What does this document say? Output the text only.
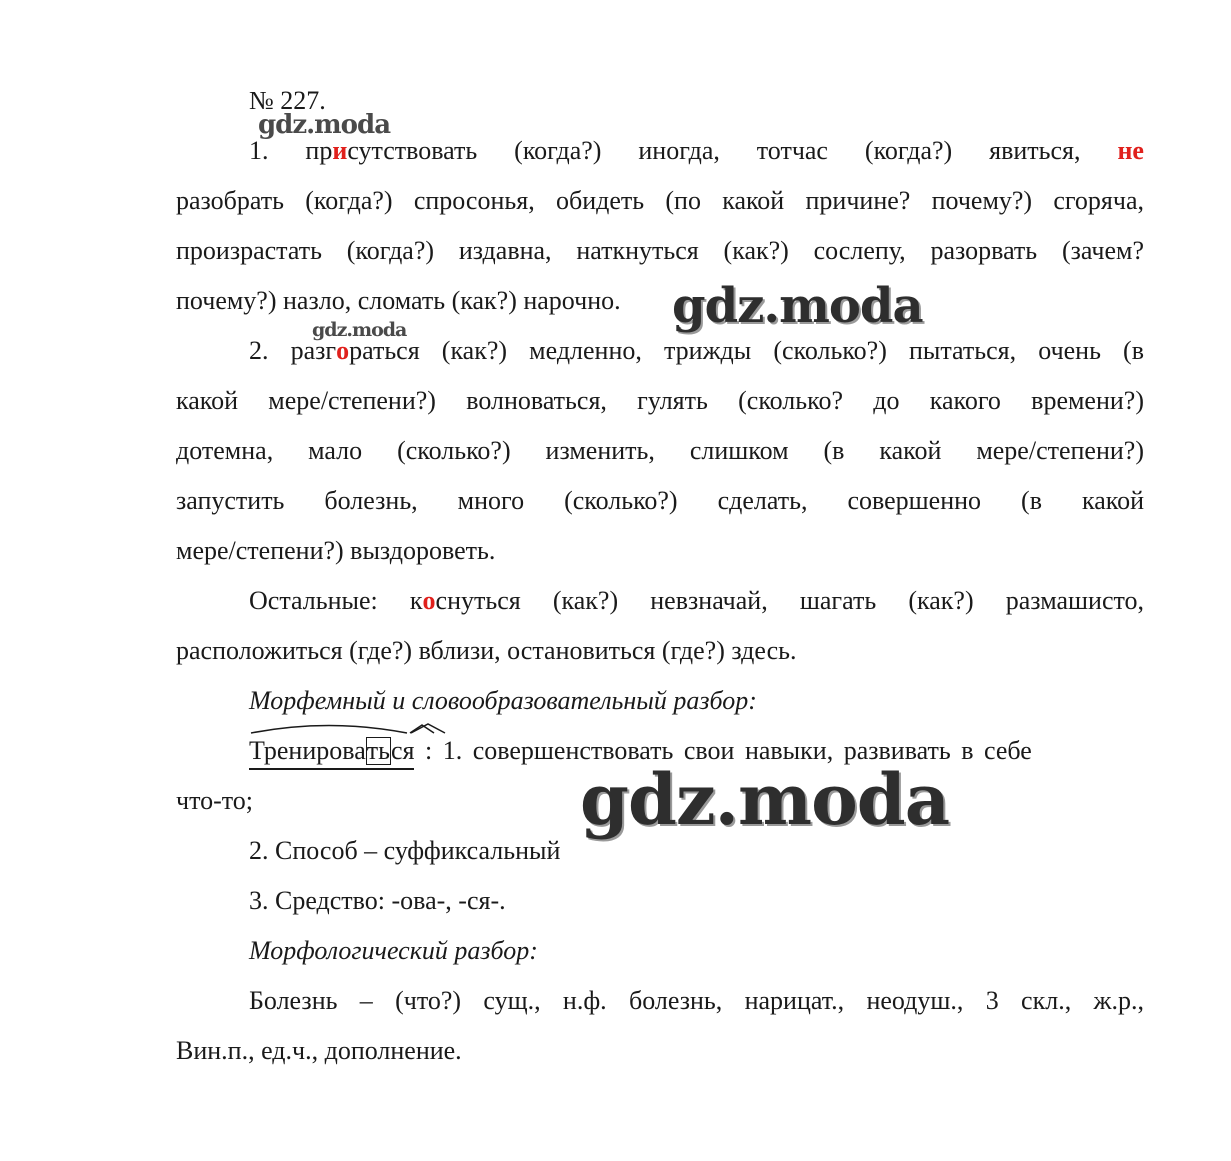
№ 227.
1. присутствовать (когда?) иногда, тотчас (когда?) явиться, не
разобрать (когда?) спросонья, обидеть (по какой причине? почему?) сгоряча,
произрастать (когда?) издавна, наткнуться (как?) сослепу, разорвать (зачем?
почему?) назло, сломать (как?) нарочно.
2. разгораться (как?) медленно, трижды (сколько?) пытаться, очень (в
какой мере/степени?) волноваться, гулять (сколько? до какого времени?)
дотемна, мало (сколько?) изменить, слишком (в какой мере/степени?)
запустить болезнь, много (сколько?) сделать, совершенно (в какой
мере/степени?) выздороветь.
Остальные: коснуться (как?) невзначай, шагать (как?) размашисто,
расположиться (где?) вблизи, остановиться (где?) здесь.
Морфемный и словообразовательный разбор:
Тренироваться : 1. совершенствовать свои навыки, развивать в себе
что-то;
2. Способ – суффиксальный
3. Средство: -ова-, -ся-.
Морфологический разбор:
Болезнь – (что?) сущ., н.ф. болезнь, нарицат., неодуш., 3 скл., ж.р.,
Вин.п., ед.ч., дополнение.
gdz.moda
gdz.moda	gdz.moda
gdz.moda
